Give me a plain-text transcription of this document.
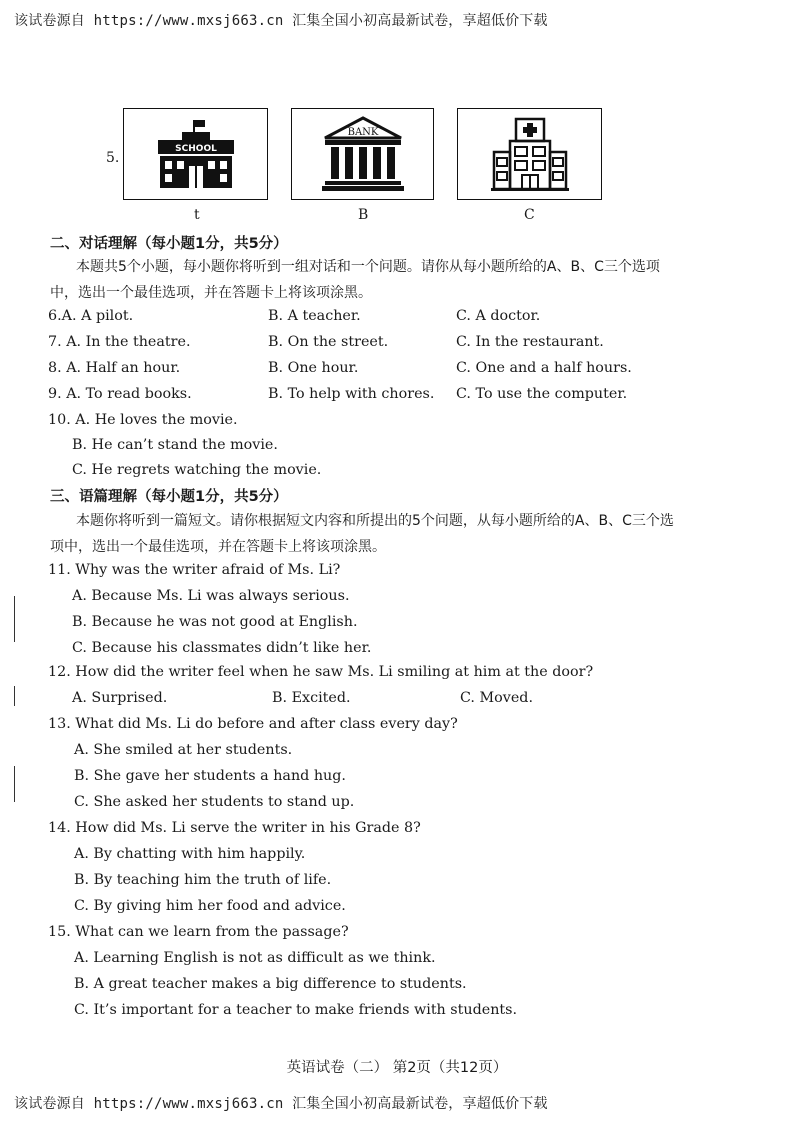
该试卷源自 https://www.mxsj663.cn 汇集全国小初高最新试卷，享超低价下载
5.
SCHOOL
t
BANK
B	C
二、对话理解（每小题1分，共5分）
本题共5个小题，每小题你将听到一组对话和一个问题。请你从每小题所给的A、B、C三个选项中，选出一个最佳选项，并在答题卡上将该项涂黑。
6.A. A pilot.	B. A teacher.	C. A doctor.
7. A. In the theatre.	B. On the street.	C. In the restaurant.
8. A. Half an hour.	B. One hour.	C. One and a half hours.
9. A. To read books.	B. To help with chores. C. To use the computer.
10. A. He loves the movie.
B. He can’t stand the movie.
C. He regrets watching the movie.
三、语篇理解（每小题1分，共5分）
本题你将听到一篇短文。请你根据短文内容和所提出的5个问题，从每小题所给的A、B、C三个选项中，选出一个最佳选项，并在答题卡上将该项涂黑。
11. Why was the writer afraid of Ms. Li?
A. Because Ms. Li was always serious.
B. Because he was not good at English.
C. Because his classmates didn’t like her.
12. How did the writer feel when he saw Ms. Li smiling at him at the door?
A. Surprised.	B. Excited.	C. Moved.
13. What did Ms. Li do before and after class every day?
A. She smiled at her students.
B. She gave her students a hand hug.
C. She asked her students to stand up.
14. How did Ms. Li serve the writer in his Grade 8?
A. By chatting with him happily.
B. By teaching him the truth of life.
C. By giving him her food and advice.
15. What can we learn from the passage?
A. Learning English is not as difficult as we think.
B. A great teacher makes a big difference to students.
C. It’s important for a teacher to make friends with students.
英语试卷（二） 第2页（共12页）
该试卷源自 https://www.mxsj663.cn 汇集全国小初高最新试卷，享超低价下载
